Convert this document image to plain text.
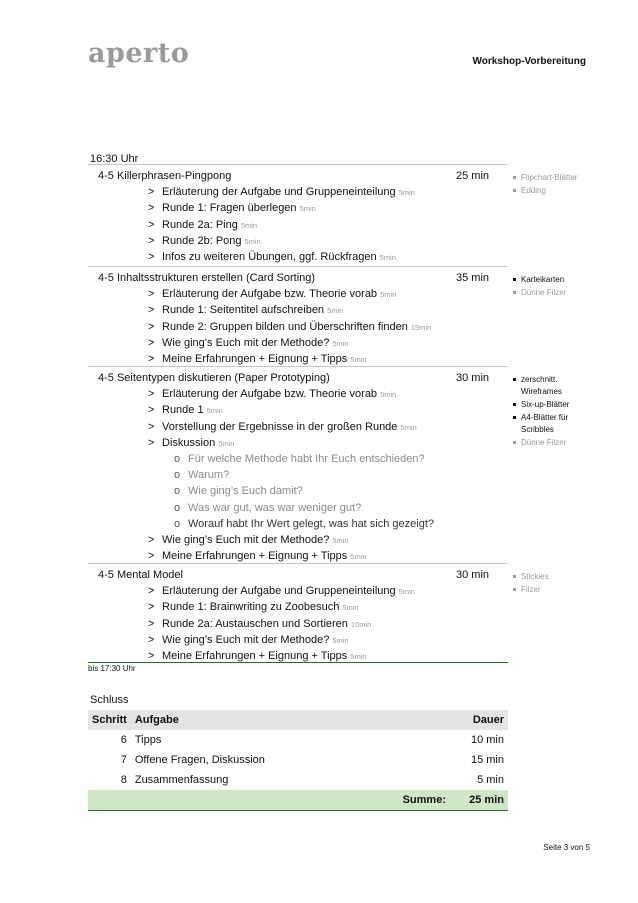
aperto	Workshop-Vorbereitung
16:30 Uhr
4-5 Killerphrasen-Pingpong	25 min
> Erläuterung der Aufgabe und Gruppeneinteilung 5min
> Runde 1: Fragen überlegen 5min
> Runde 2a: Ping 5min
> Runde 2b: Pong 5min
> Infos zu weiteren Übungen, ggf. Rückfragen 5min
Flipchart-Blätter
Edding
4-5 Inhaltsstrukturen erstellen (Card Sorting)	35 min
> Erläuterung der Aufgabe bzw. Theorie vorab 5min
> Runde 1: Seitentitel aufschreiben 5min
> Runde 2: Gruppen bilden und Überschriften finden 15min
> Wie ging’s Euch mit der Methode? 5min
> Meine Erfahrungen + Eignung + Tipps 5min
Karteikarten
Dünne Filzer
4-5 Seitentypen diskutieren (Paper Prototyping)	30 min
> Erläuterung der Aufgabe bzw. Theorie vorab 5min
> Runde 1 5min
> Vorstellung der Ergebnisse in der großen Runde 5min
> Diskussion 5min
o Für welche Methode habt Ihr Euch entschieden?
o Warum?
o Wie ging’s Euch damit?
o Was war gut, was war weniger gut?
o Worauf habt Ihr Wert gelegt, was hat sich gezeigt?
> Wie ging’s Euch mit der Methode? 5min
> Meine Erfahrungen + Eignung + Tipps 5min
zerschnitt. Wireframes
Six-up-Blätter
A4-Blätter für Scribbles
Dünne Filzer
4-5 Mental Model	30 min
> Erläuterung der Aufgabe und Gruppeneinteilung 5min
> Runde 1: Brainwriting zu Zoobesuch 5min
> Runde 2a: Austauschen und Sortieren 10min
> Wie ging’s Euch mit der Methode? 5min
> Meine Erfahrungen + Eignung + Tipps 5min
Stickies
Filzer
bis 17:30 Uhr
Schluss
Schritt	Aufgabe	Dauer
6	Tipps	10 min
7	Offene Fragen, Diskussion	15 min
8	Zusammenfassung	5 min
	Summe:	25 min
Seite 3 von 5
